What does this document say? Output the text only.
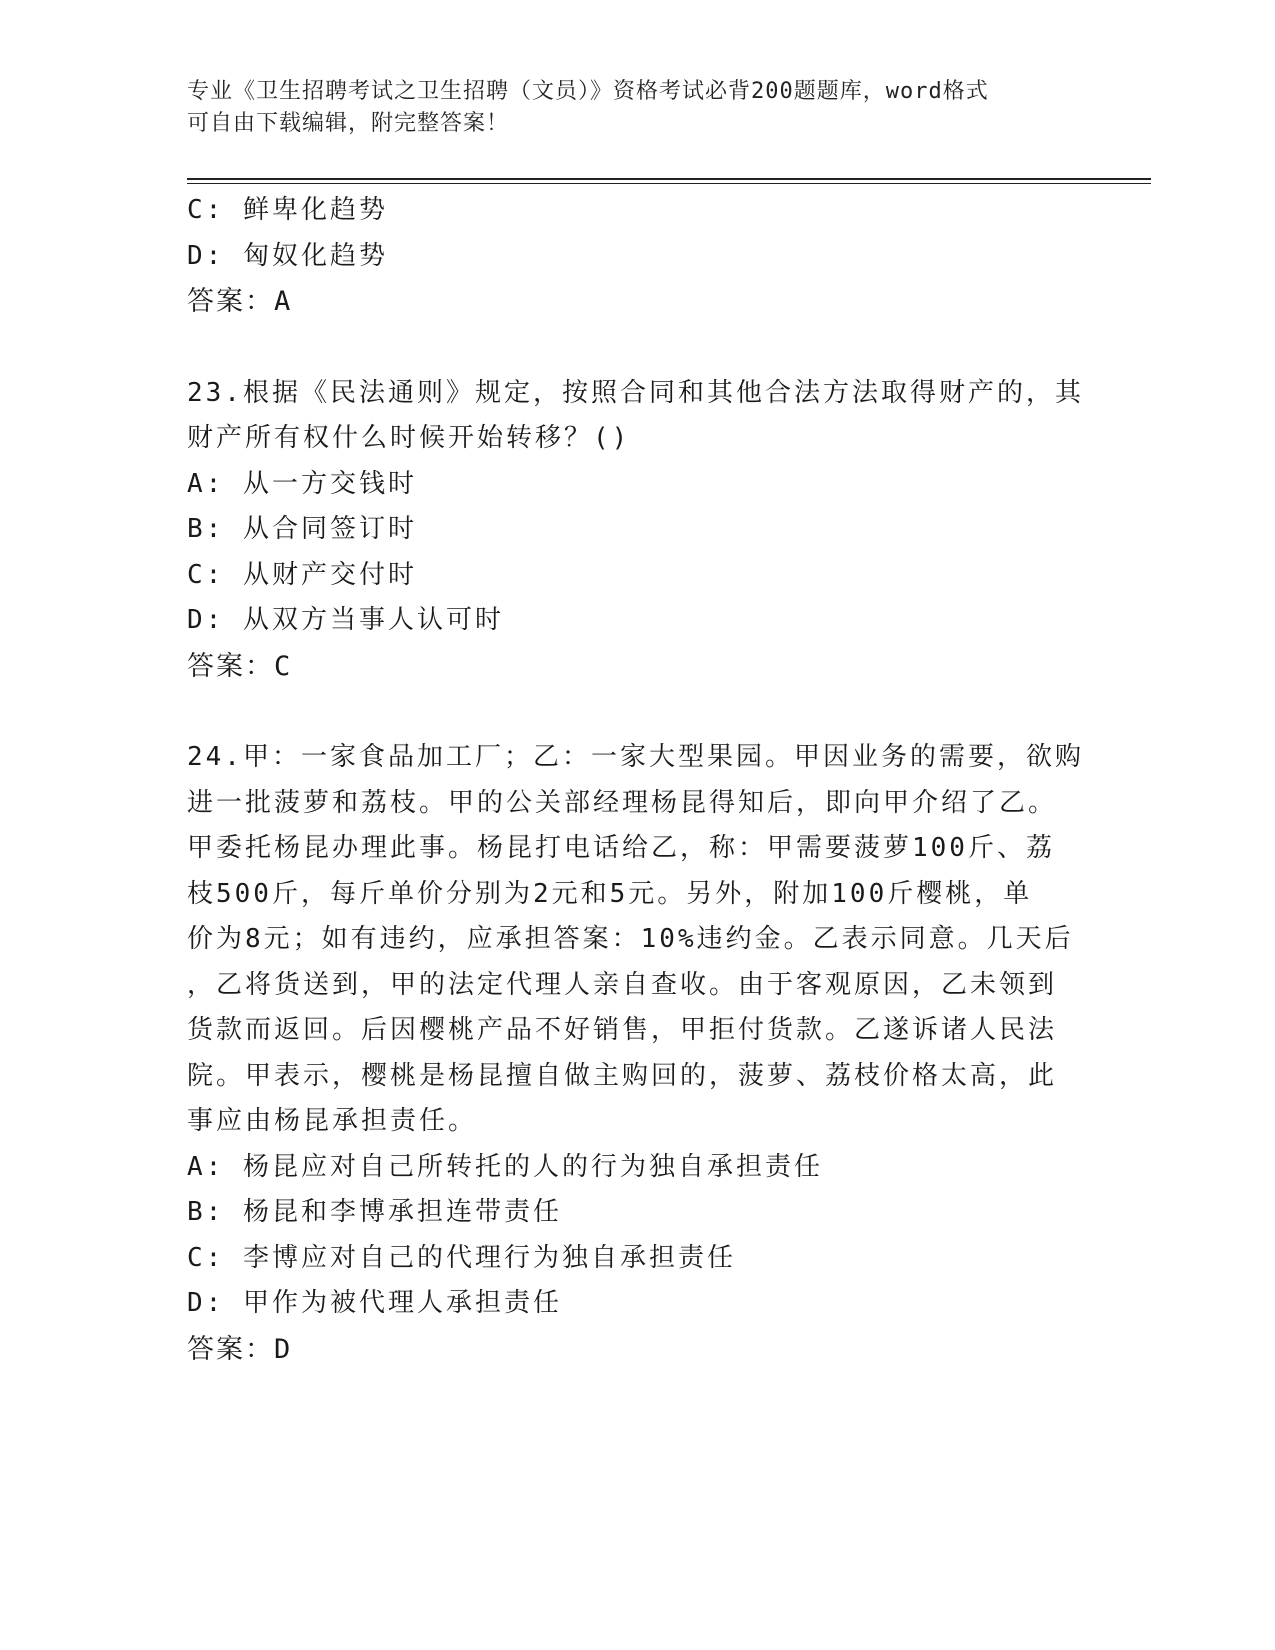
专业《卫生招聘考试之卫生招聘（文员）》资格考试必背200题题库，word格式
可自由下载编辑，附完整答案！
C: 鲜卑化趋势
D: 匈奴化趋势
答案：A
23.根据《民法通则》规定，按照合同和其他合法方法取得财产的，其
财产所有权什么时候开始转移？()
A: 从一方交钱时
B: 从合同签订时
C: 从财产交付时
D: 从双方当事人认可时
答案：C
24.甲：一家食品加工厂；乙：一家大型果园。甲因业务的需要，欲购
进一批菠萝和荔枝。甲的公关部经理杨昆得知后，即向甲介绍了乙。
甲委托杨昆办理此事。杨昆打电话给乙，称：甲需要菠萝100斤、荔
枝500斤，每斤单价分别为2元和5元。另外，附加100斤樱桃，单
价为8元；如有违约，应承担答案：10%违约金。乙表示同意。几天后
，乙将货送到，甲的法定代理人亲自查收。由于客观原因，乙未领到
货款而返回。后因樱桃产品不好销售，甲拒付货款。乙遂诉诸人民法
院。甲表示，樱桃是杨昆擅自做主购回的，菠萝、荔枝价格太高，此
事应由杨昆承担责任。
A: 杨昆应对自己所转托的人的行为独自承担责任
B: 杨昆和李博承担连带责任
C: 李博应对自己的代理行为独自承担责任
D: 甲作为被代理人承担责任
答案：D
